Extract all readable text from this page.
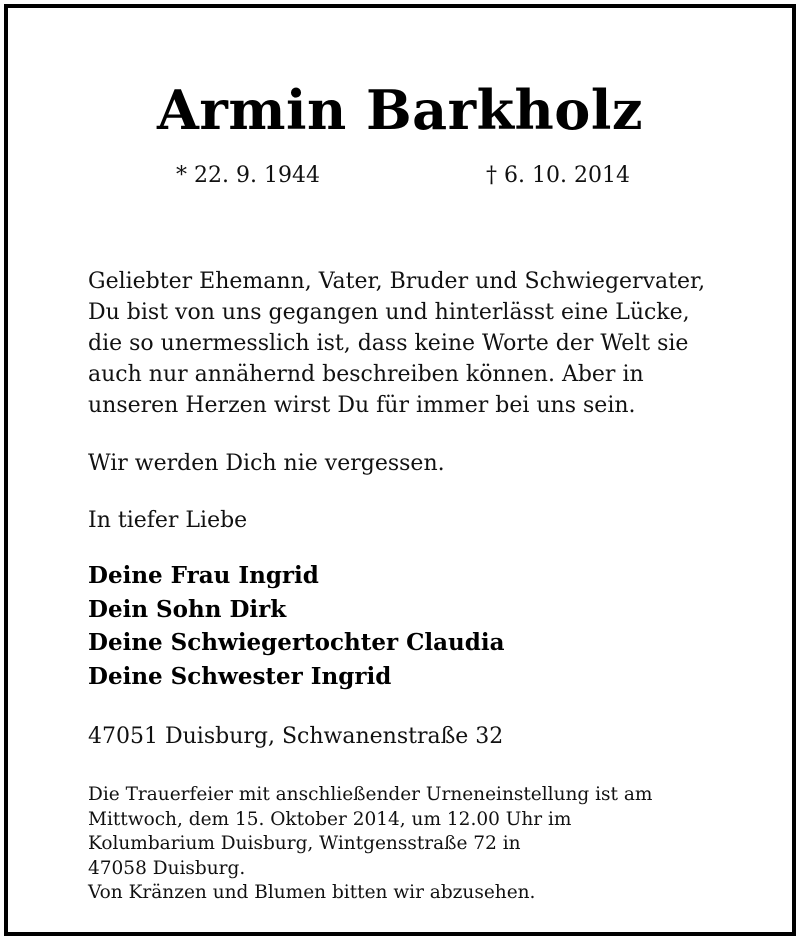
Armin Barkholz
* 22. 9. 1944	† 6. 10. 2014
Geliebter Ehemann, Vater, Bruder und Schwiegervater,
Du bist von uns gegangen und hinterlässt eine Lücke,
die so unermesslich ist, dass keine Worte der Welt sie
auch nur annähernd beschreiben können. Aber in
unseren Herzen wirst Du für immer bei uns sein.
Wir werden Dich nie vergessen.
In tiefer Liebe
Deine Frau Ingrid
Dein Sohn Dirk
Deine Schwiegertochter Claudia
Deine Schwester Ingrid
47051 Duisburg, Schwanenstraße 32
Die Trauerfeier mit anschließender Urneneinstellung ist am
Mittwoch, dem 15. Oktober 2014, um 12.00 Uhr im
Kolumbarium Duisburg, Wintgensstraße 72 in
47058 Duisburg.
Von Kränzen und Blumen bitten wir abzusehen.
